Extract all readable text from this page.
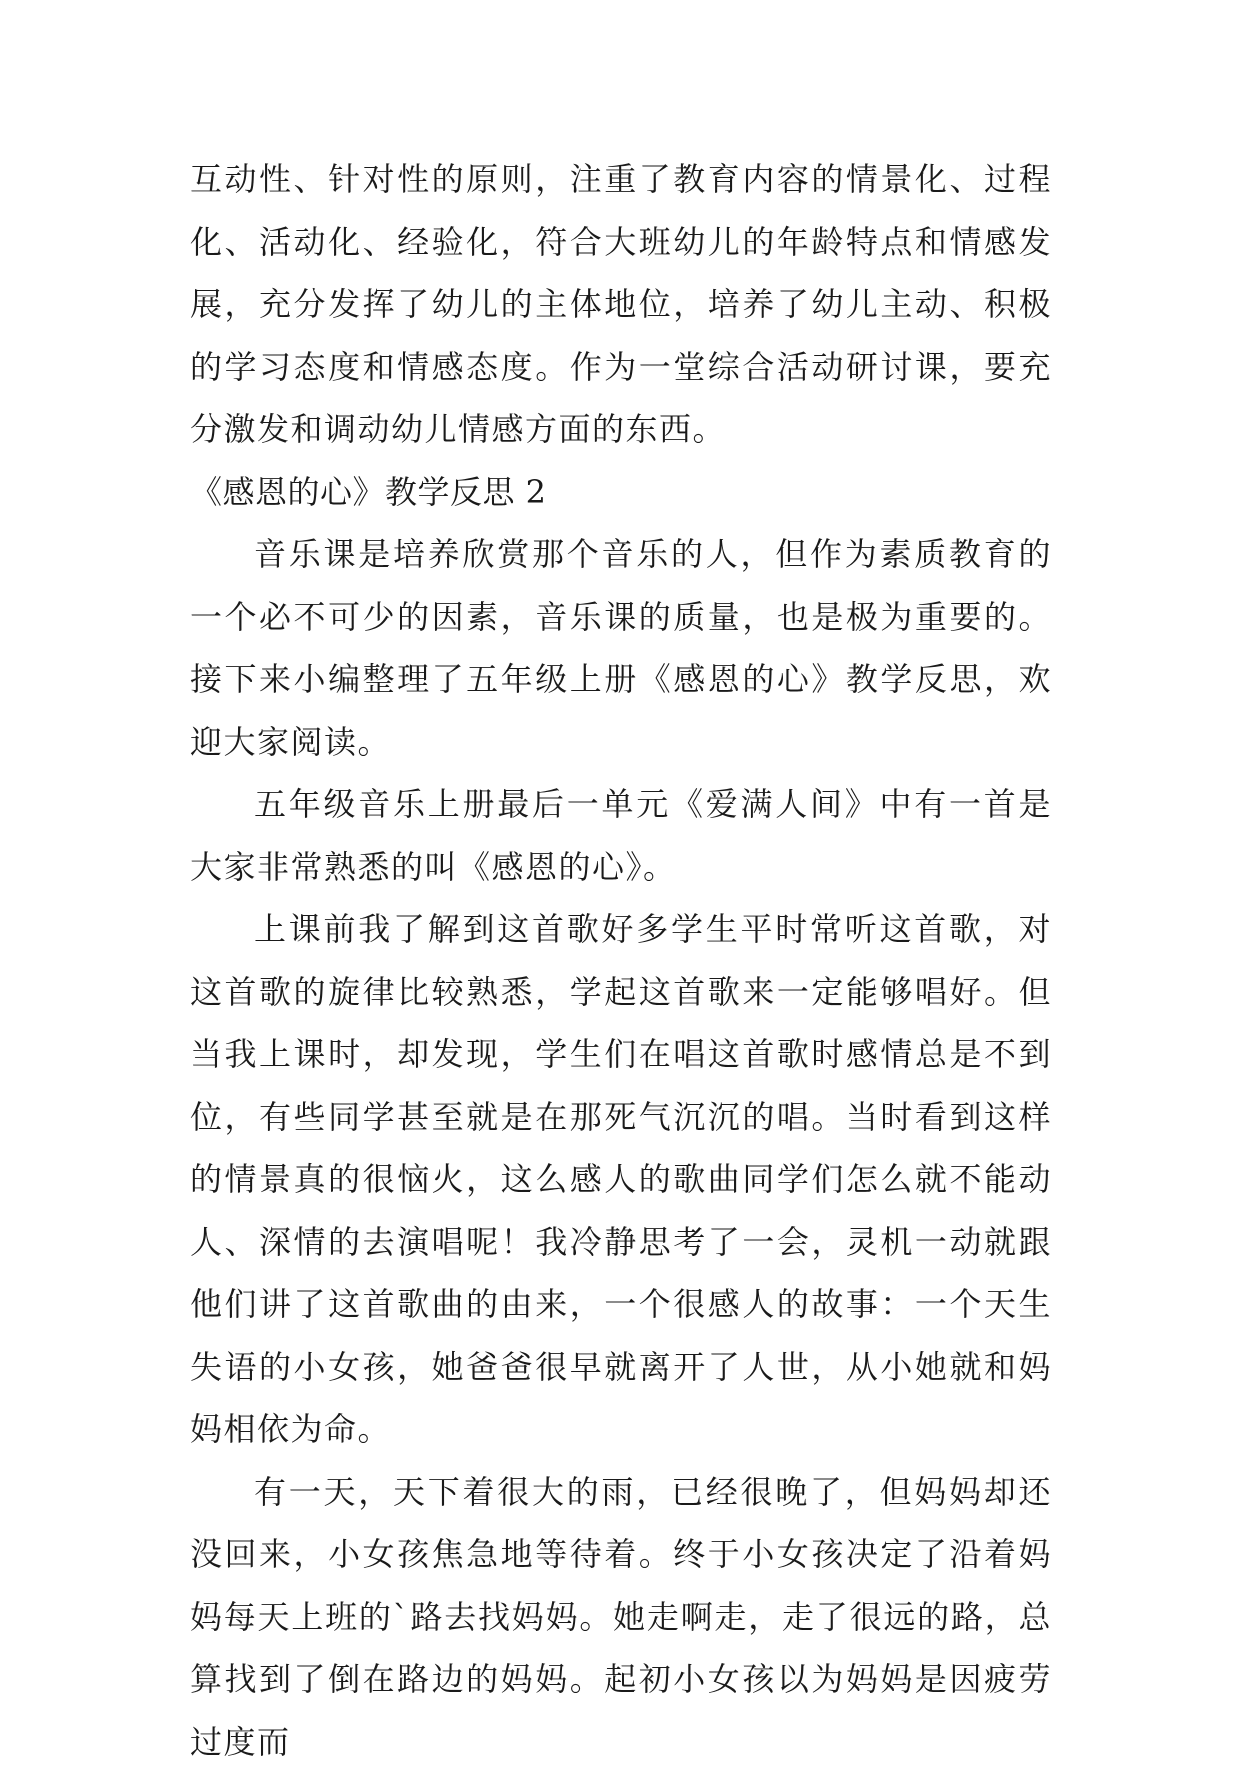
互动性、针对性的原则，注重了教育内容的情景化、过程化、活动化、经验化，符合大班幼儿的年龄特点和情感发展，充分发挥了幼儿的主体地位，培养了幼儿主动、积极的学习态度和情感态度。作为一堂综合活动研讨课，要充分激发和调动幼儿情感方面的东西。

《感恩的心》教学反思 2

音乐课是培养欣赏那个音乐的人，但作为素质教育的一个必不可少的因素，音乐课的质量，也是极为重要的。接下来小编整理了五年级上册《感恩的心》教学反思，欢迎大家阅读。

五年级音乐上册最后一单元《爱满人间》中有一首是大家非常熟悉的叫《感恩的心》。

上课前我了解到这首歌好多学生平时常听这首歌，对这首歌的旋律比较熟悉，学起这首歌来一定能够唱好。但当我上课时，却发现，学生们在唱这首歌时感情总是不到位，有些同学甚至就是在那死气沉沉的唱。当时看到这样的情景真的很恼火，这么感人的歌曲同学们怎么就不能动人、深情的去演唱呢！我冷静思考了一会，灵机一动就跟他们讲了这首歌曲的由来，一个很感人的故事：一个天生失语的小女孩，她爸爸很早就离开了人世，从小她就和妈妈相依为命。

有一天，天下着很大的雨，已经很晚了，但妈妈却还没回来，小女孩焦急地等待着。终于小女孩决定了沿着妈妈每天上班的`路去找妈妈。她走啊走，走了很远的路，总算找到了倒在路边的妈妈。起初小女孩以为妈妈是因疲劳过度而
